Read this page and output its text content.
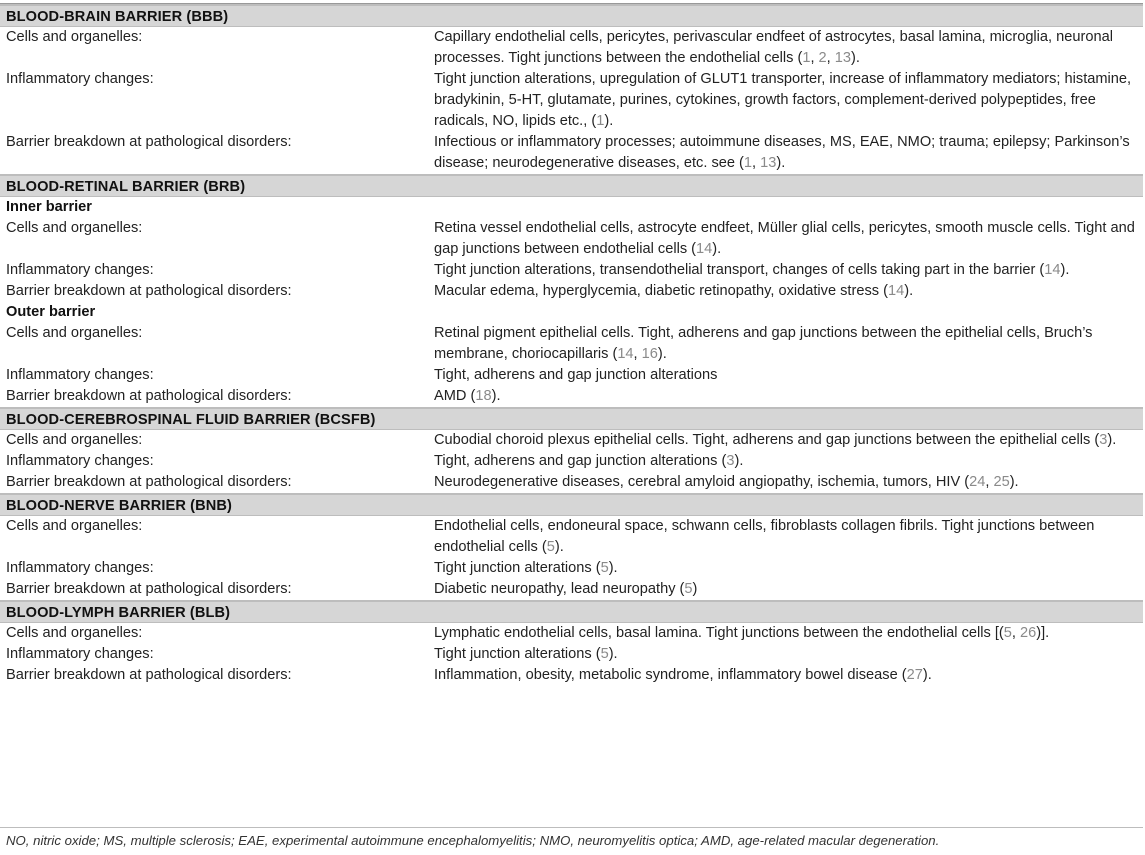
BLOOD-BRAIN BARRIER (BBB)
Cells and organelles:	Capillary endothelial cells, pericytes, perivascular endfeet of astrocytes, basal lamina, microglia, neuronal processes. Tight junctions between the endothelial cells (1, 2, 13).
Inflammatory changes:	Tight junction alterations, upregulation of GLUT1 transporter, increase of inflammatory mediators; histamine, bradykinin, 5-HT, glutamate, purines, cytokines, growth factors, complement-derived polypeptides, free radicals, NO, lipids etc., (1).
Barrier breakdown at pathological disorders:	Infectious or inflammatory processes; autoimmune diseases, MS, EAE, NMO; trauma; epilepsy; Parkinson’s disease; neurodegenerative diseases, etc. see (1, 13).
BLOOD-RETINAL BARRIER (BRB)
Inner barrier
Cells and organelles:	Retina vessel endothelial cells, astrocyte endfeet, Müller glial cells, pericytes, smooth muscle cells. Tight and gap junctions between endothelial cells (14).
Inflammatory changes:	Tight junction alterations, transendothelial transport, changes of cells taking part in the barrier (14).
Barrier breakdown at pathological disorders:	Macular edema, hyperglycemia, diabetic retinopathy, oxidative stress (14).
Outer barrier
Cells and organelles:	Retinal pigment epithelial cells. Tight, adherens and gap junctions between the epithelial cells, Bruch’s membrane, choriocapillaris (14, 16).
Inflammatory changes:	Tight, adherens and gap junction alterations
Barrier breakdown at pathological disorders:	AMD (18).
BLOOD-CEREBROSPINAL FLUID BARRIER (BCSFB)
Cells and organelles:	Cubodial choroid plexus epithelial cells. Tight, adherens and gap junctions between the epithelial cells (3).
Inflammatory changes:	Tight, adherens and gap junction alterations (3).
Barrier breakdown at pathological disorders:	Neurodegenerative diseases, cerebral amyloid angiopathy, ischemia, tumors, HIV (24, 25).
BLOOD-NERVE BARRIER (BNB)
Cells and organelles:	Endothelial cells, endoneural space, schwann cells, fibroblasts collagen fibrils. Tight junctions between endothelial cells (5).
Inflammatory changes:	Tight junction alterations (5).
Barrier breakdown at pathological disorders:	Diabetic neuropathy, lead neuropathy (5)
BLOOD-LYMPH BARRIER (BLB)
Cells and organelles:	Lymphatic endothelial cells, basal lamina. Tight junctions between the endothelial cells [(5, 26)].
Inflammatory changes:	Tight junction alterations (5).
Barrier breakdown at pathological disorders:	Inflammation, obesity, metabolic syndrome, inflammatory bowel disease (27).
NO, nitric oxide; MS, multiple sclerosis; EAE, experimental autoimmune encephalomyelitis; NMO, neuromyelitis optica; AMD, age-related macular degeneration.
